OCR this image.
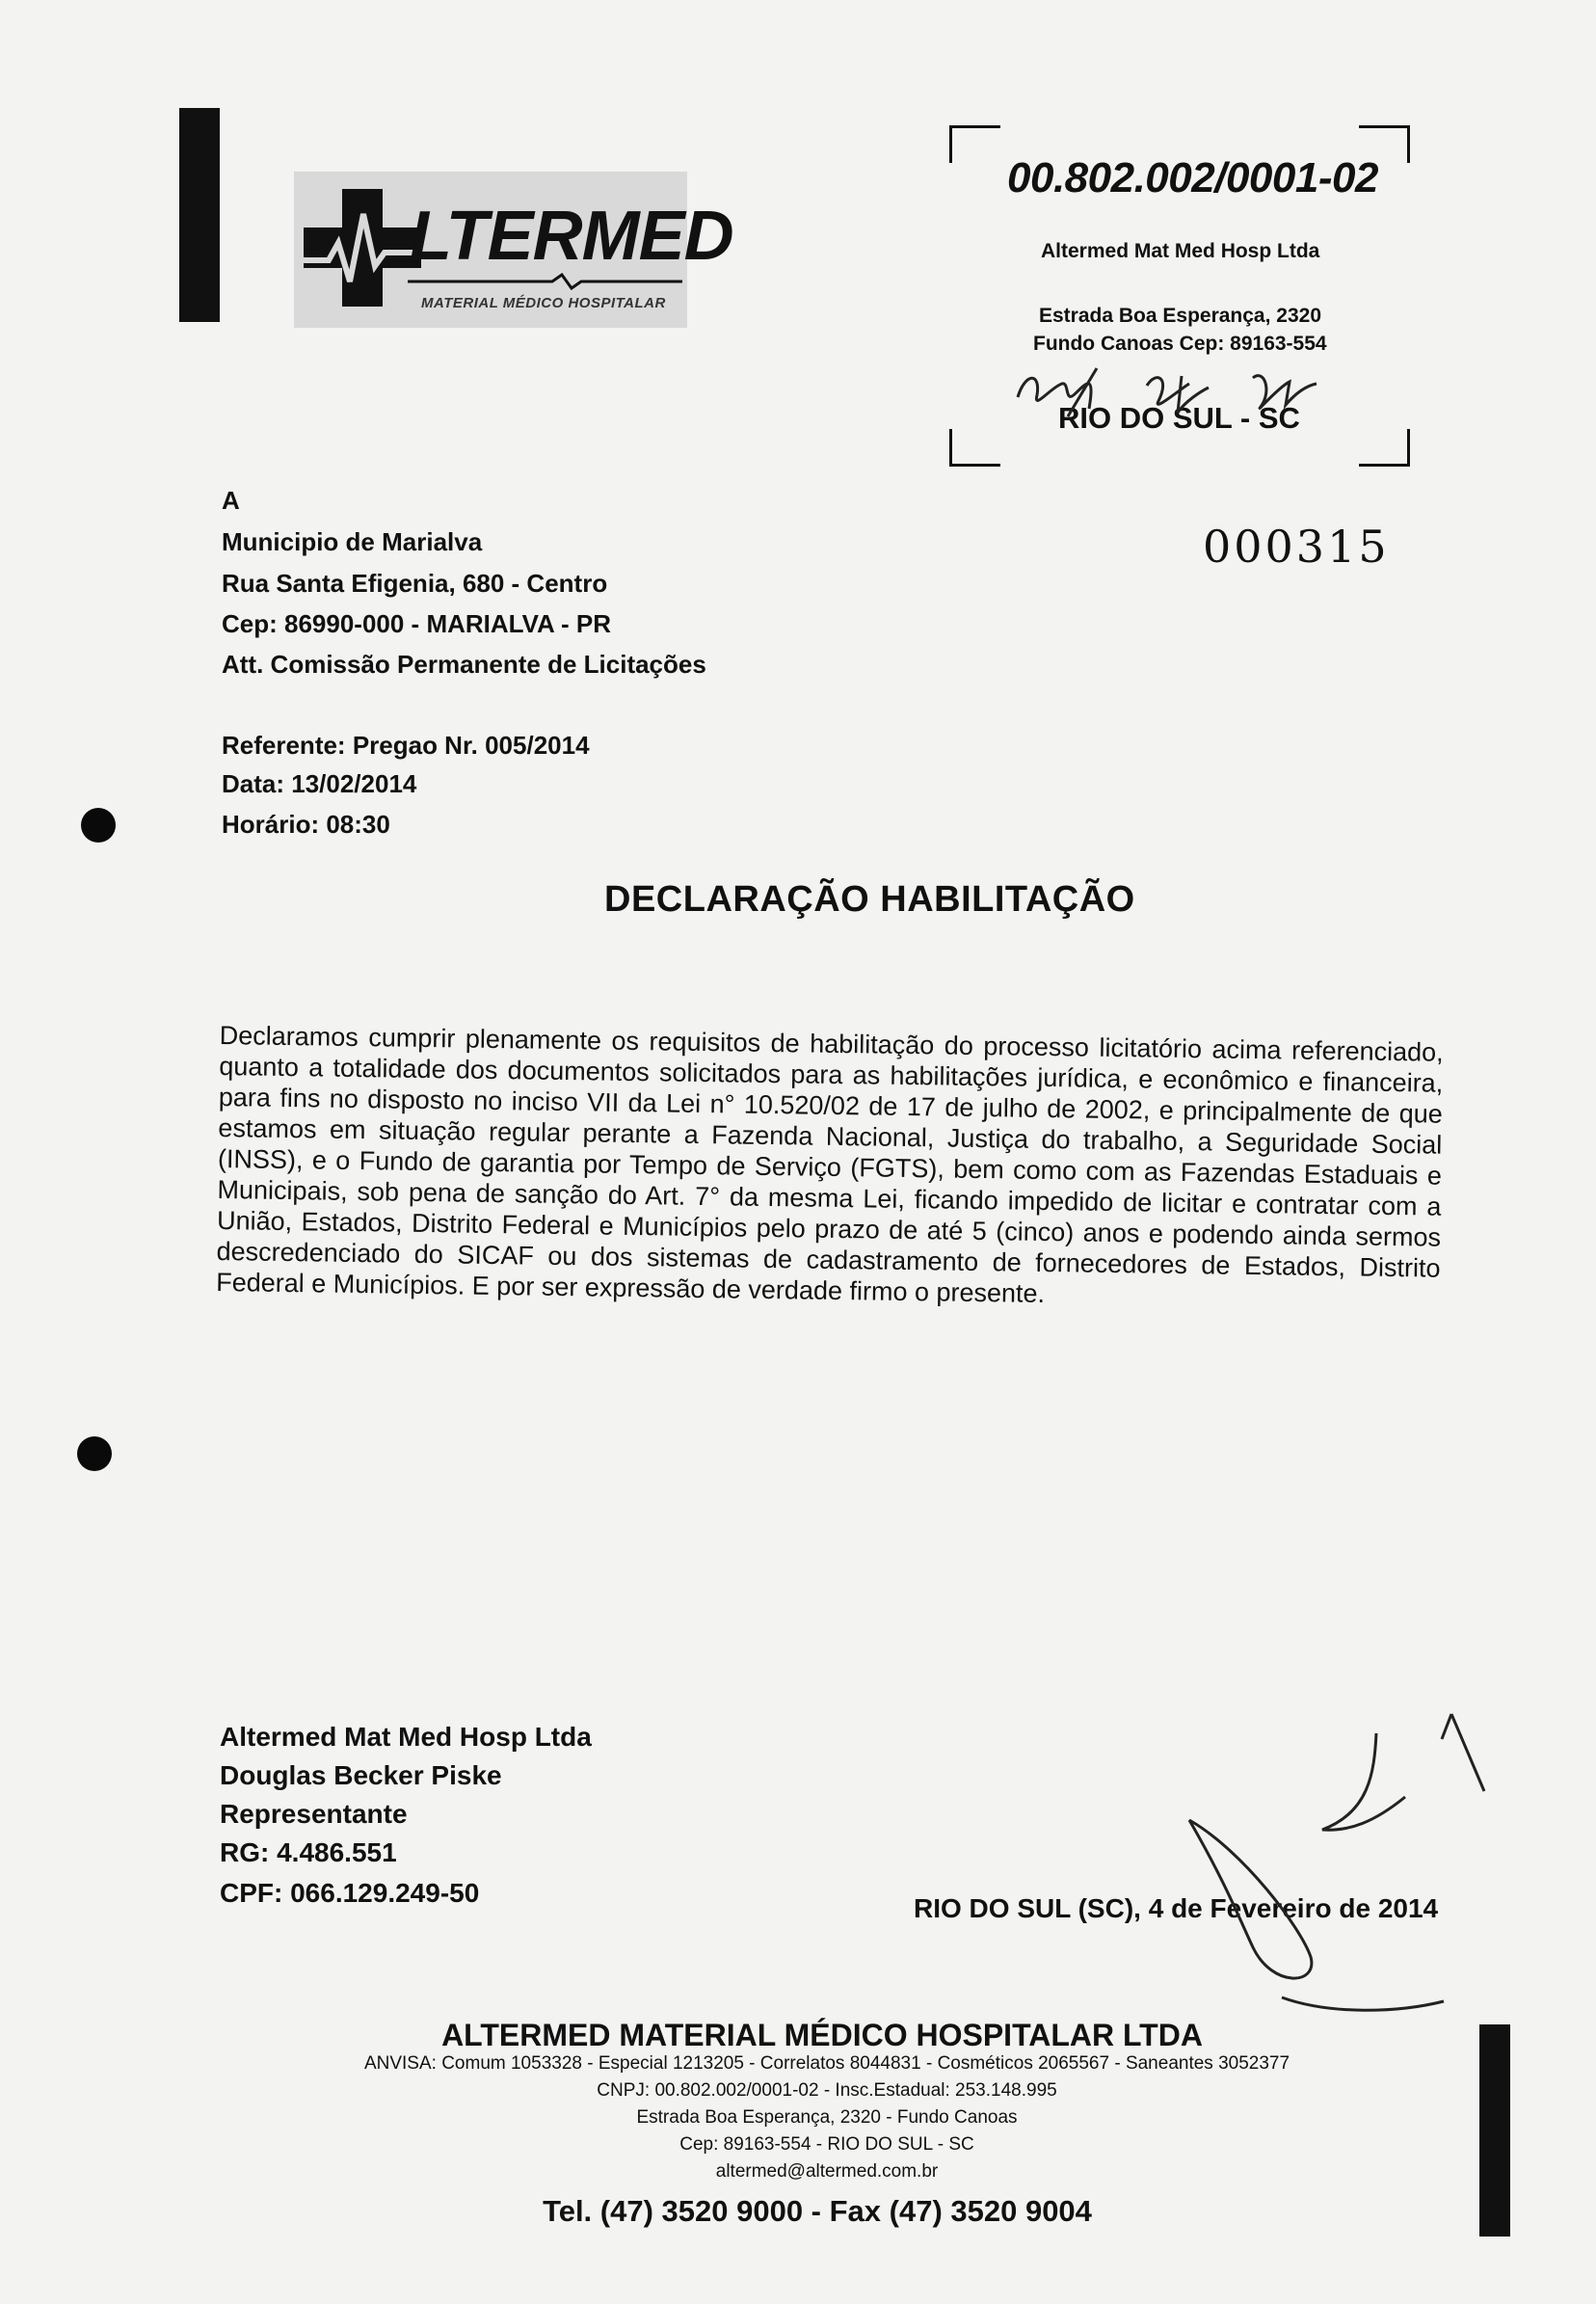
LTERMED
MATERIAL MÉDICO HOSPITALAR
00.802.002/0001-02
Altermed Mat Med Hosp Ltda
Estrada Boa Esperança, 2320
Fundo Canoas Cep: 89163-554
RIO DO SUL - SC
000315
A
Municipio de Marialva
Rua Santa Efigenia, 680 - Centro
Cep: 86990-000 - MARIALVA - PR
Att. Comissão Permanente de Licitações
Referente: Pregao Nr. 005/2014
Data: 13/02/2014
Horário: 08:30
DECLARAÇÃO HABILITAÇÃO
Declaramos cumprir plenamente os requisitos de habilitação do processo licitatório acima referenciado, quanto a totalidade dos documentos solicitados para as habilitações jurídica, e econômico e financeira, para fins no disposto no inciso VII da Lei n° 10.520/02 de 17 de julho de 2002, e principalmente de que estamos em situação regular perante a Fazenda Nacional, Justiça do trabalho, a Seguridade Social (INSS), e o Fundo de garantia por Tempo de Serviço (FGTS), bem como com as Fazendas Estaduais e Municipais, sob pena de sanção do Art. 7° da mesma Lei, ficando impedido de licitar e contratar com a União, Estados, Distrito Federal e Municípios pelo prazo de até 5 (cinco) anos e podendo ainda sermos descredenciado do SICAF ou dos sistemas de cadastramento de fornecedores de Estados, Distrito Federal e Municípios. E por ser expressão de verdade firmo o presente.
Altermed Mat Med Hosp Ltda
Douglas Becker Piske
Representante
RG: 4.486.551
CPF: 066.129.249-50
RIO DO SUL (SC), 4 de Fevereiro de 2014
ALTERMED MATERIAL MÉDICO HOSPITALAR LTDA
ANVISA: Comum 1053328 - Especial 1213205 - Correlatos 8044831 - Cosméticos 2065567 - Saneantes 3052377
CNPJ: 00.802.002/0001-02 - Insc.Estadual: 253.148.995
Estrada Boa Esperança, 2320 - Fundo Canoas
Cep: 89163-554 - RIO DO SUL - SC
altermed@altermed.com.br
Tel. (47) 3520 9000 - Fax (47) 3520 9004
